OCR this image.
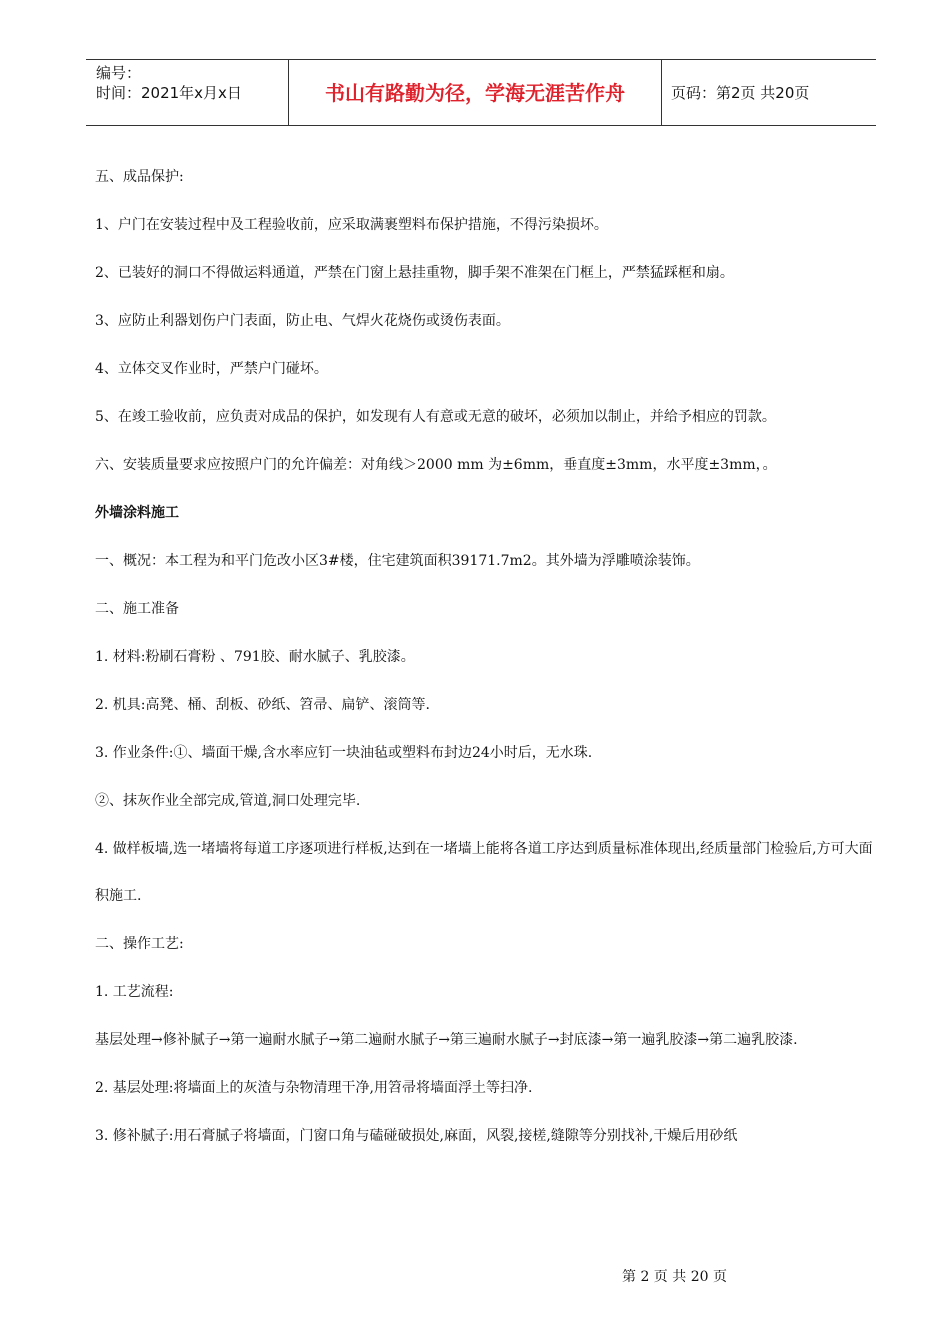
编号：
时间：2021年x月x日	书山有路勤为径，学海无涯苦作舟	页码：第2页 共20页

五、成品保护:

1、户门在安装过程中及工程验收前，应采取满裹塑料布保护措施，不得污染损坏。

2、已装好的洞口不得做运料通道，严禁在门窗上悬挂重物，脚手架不准架在门框上，严禁猛踩框和扇。

3、应防止利器划伤户门表面，防止电、气焊火花烧伤或烫伤表面。

4、立体交叉作业时，严禁户门碰坏。

5、在竣工验收前，应负责对成品的保护，如发现有人有意或无意的破坏，必须加以制止，并给予相应的罚款。

六、安装质量要求应按照户门的允许偏差：对角线＞2000 mm 为±6mm，垂直度±3mm，水平度±3mm，。

外墙涂料施工

一、概况：本工程为和平门危改小区3#楼，住宅建筑面积39171.7m2。其外墙为浮雕喷涂装饰。

二、施工准备

1. 材料:粉刷石膏粉 、791胶、耐水腻子、乳胶漆。

2. 机具:高凳、桶、刮板、砂纸、笤帚、扁铲、滚筒等.

3. 作业条件:①、墙面干燥,含水率应钉一块油毡或塑料布封边24小时后，无水珠.

②、抹灰作业全部完成,管道,洞口处理完毕.

4. 做样板墙,选一堵墙将每道工序逐项进行样板,达到在一堵墙上能将各道工序达到质量标准体现出,经质量部门检验后,方可大面积施工.

二、操作工艺:

1. 工艺流程:

基层处理→修补腻子→第一遍耐水腻子→第二遍耐水腻子→第三遍耐水腻子→封底漆→第一遍乳胶漆→第二遍乳胶漆.

2. 基层处理:将墙面上的灰渣与杂物清理干净,用笤帚将墙面浮土等扫净.

3. 修补腻子:用石膏腻子将墙面，门窗口角与磕碰破损处,麻面，风裂,接槎,缝隙等分别找补,干燥后用砂纸

第 2 页 共 20 页
